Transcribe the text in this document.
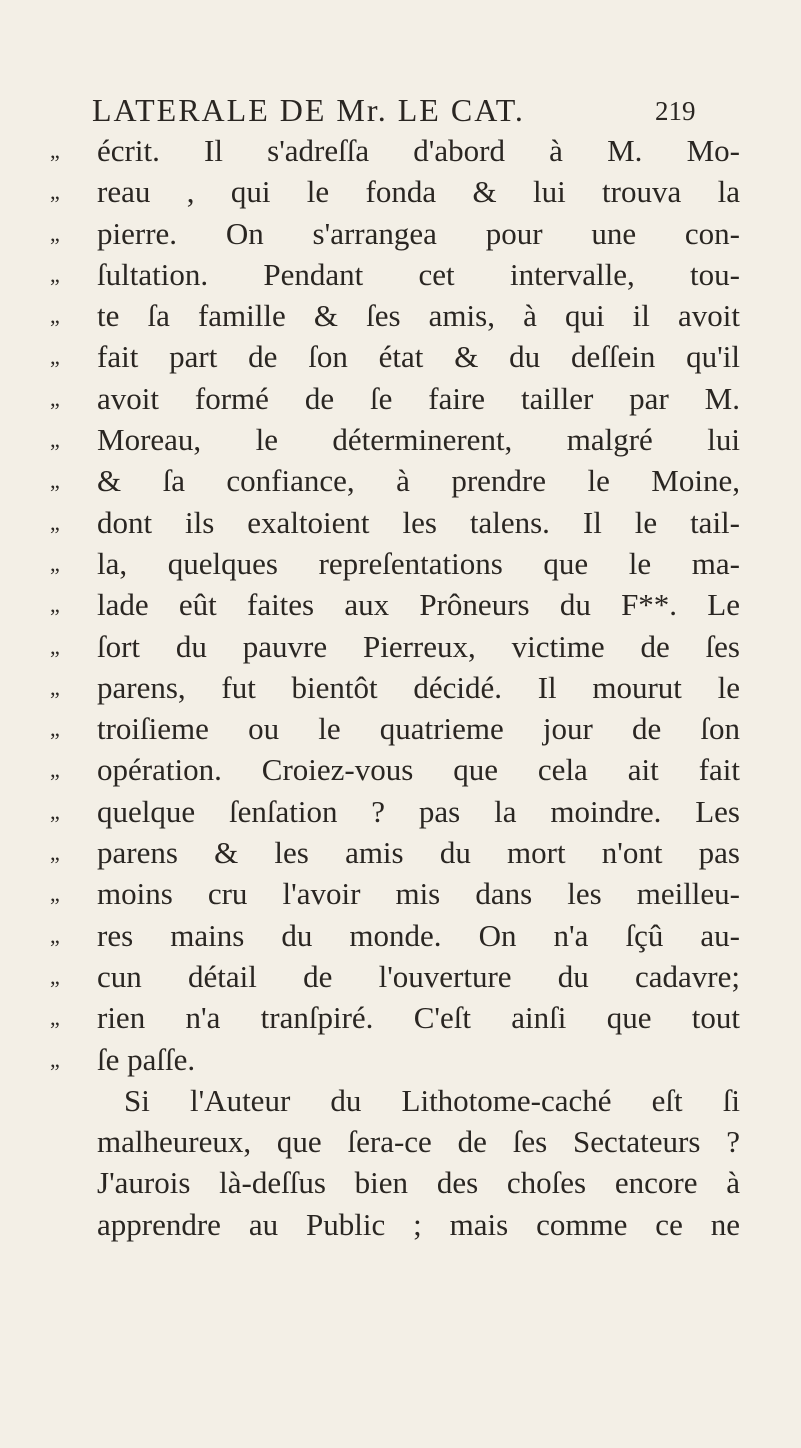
LATERALE DE Mr. LE CAT.	219
„	écrit. Il s'adreſſa d'abord à M. Mo-
„	reau , qui le fonda & lui trouva la
„	pierre. On s'arrangea pour une con-
„	ſultation. Pendant cet intervalle, tou-
„	te ſa famille & ſes amis, à qui il avoit
„	fait part de ſon état & du deſſein qu'il
„	avoit formé de ſe faire tailler par M.
„	Moreau, le déterminerent, malgré lui
„	& ſa confiance, à prendre le Moine,
„	dont ils exaltoient les talens. Il le tail-
„	la, quelques repreſentations que le ma-
„	lade eût faites aux Prôneurs du F**. Le
„	ſort du pauvre Pierreux, victime de ſes
„	parens, fut bientôt décidé. Il mourut le
„	troiſieme ou le quatrieme jour de ſon
„	opération. Croiez-vous que cela ait fait
„	quelque ſenſation ? pas la moindre. Les
„	parens & les amis du mort n'ont pas
„	moins cru l'avoir mis dans les meilleu-
„	res mains du monde. On n'a ſçû au-
„	cun détail de l'ouverture du cadavre;
„	rien n'a tranſpiré. C'eſt ainſi que tout
„	ſe paſſe.
Si l'Auteur du Lithotome-caché eſt ſi
malheureux, que ſera-ce de ſes Sectateurs ?
J'aurois là-deſſus bien des choſes encore à
apprendre au Public ; mais comme ce ne
